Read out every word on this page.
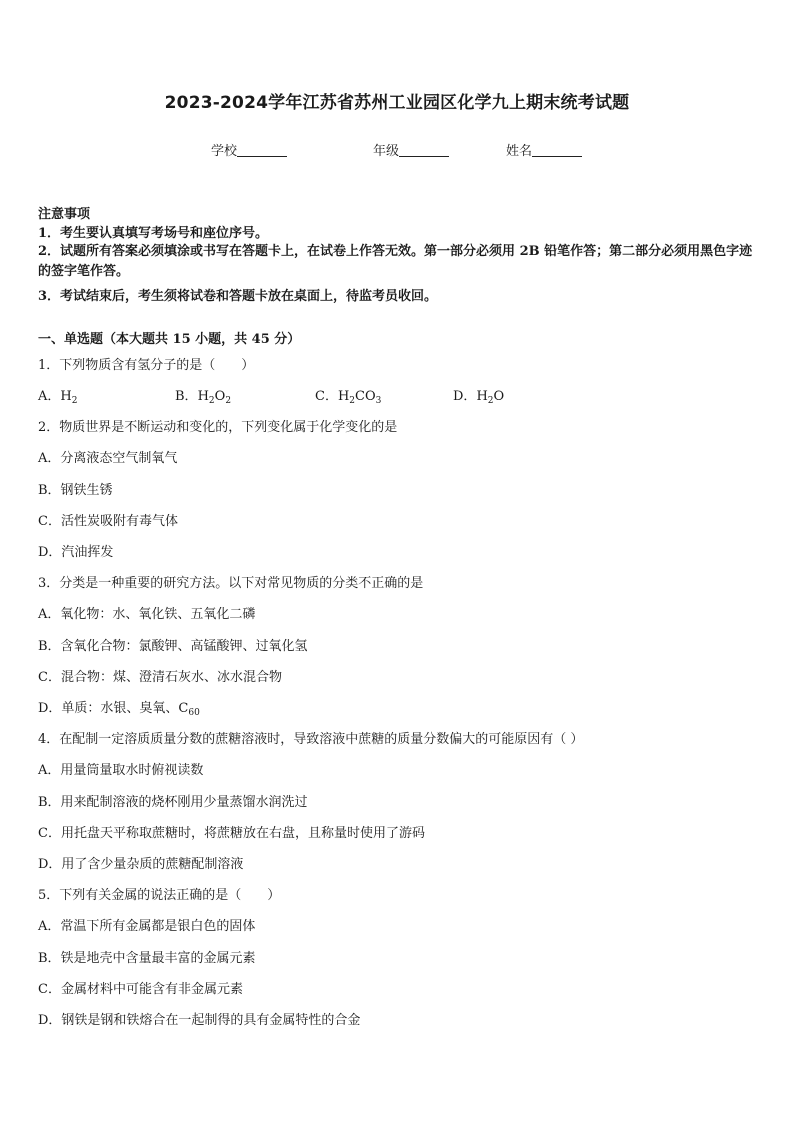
2023-2024学年江苏省苏州工业园区化学九上期末统考试题
学校	年级	姓名
注意事项
1．考生要认真填写考场号和座位序号。
2．试题所有答案必须填涂或书写在答题卡上，在试卷上作答无效。第一部分必须用 2B 铅笔作答；第二部分必须用黑色字迹的签字笔作答。
3．考试结束后，考生须将试卷和答题卡放在桌面上，待监考员收回。
一、单选题（本大题共 15 小题，共 45 分）
1．下列物质含有氢分子的是（　　）
A．$H_2$	B．$H_2O_2$	C．$H_2CO_3$	D．$H_2O$
2．物质世界是不断运动和变化的，下列变化属于化学变化的是
A．分离液态空气制氧气
B．钢铁生锈
C．活性炭吸附有毒气体
D．汽油挥发
3．分类是一种重要的研究方法。以下对常见物质的分类不正确的是
A．氧化物：水、氧化铁、五氧化二磷
B．含氧化合物：氯酸钾、高锰酸钾、过氧化氢
C．混合物：煤、澄清石灰水、冰水混合物
D．单质：水银、臭氧、$C_{60}$
4．在配制一定溶质质量分数的蔗糖溶液时，导致溶液中蔗糖的质量分数偏大的可能原因有（ ）
A．用量筒量取水时俯视读数
B．用来配制溶液的烧杯刚用少量蒸馏水润洗过
C．用托盘天平称取蔗糖时，将蔗糖放在右盘，且称量时使用了游码
D．用了含少量杂质的蔗糖配制溶液
5．下列有关金属的说法正确的是（　　）
A．常温下所有金属都是银白色的固体
B．铁是地壳中含量最丰富的金属元素
C．金属材料中可能含有非金属元素
D．钢铁是钢和铁熔合在一起制得的具有金属特性的合金
